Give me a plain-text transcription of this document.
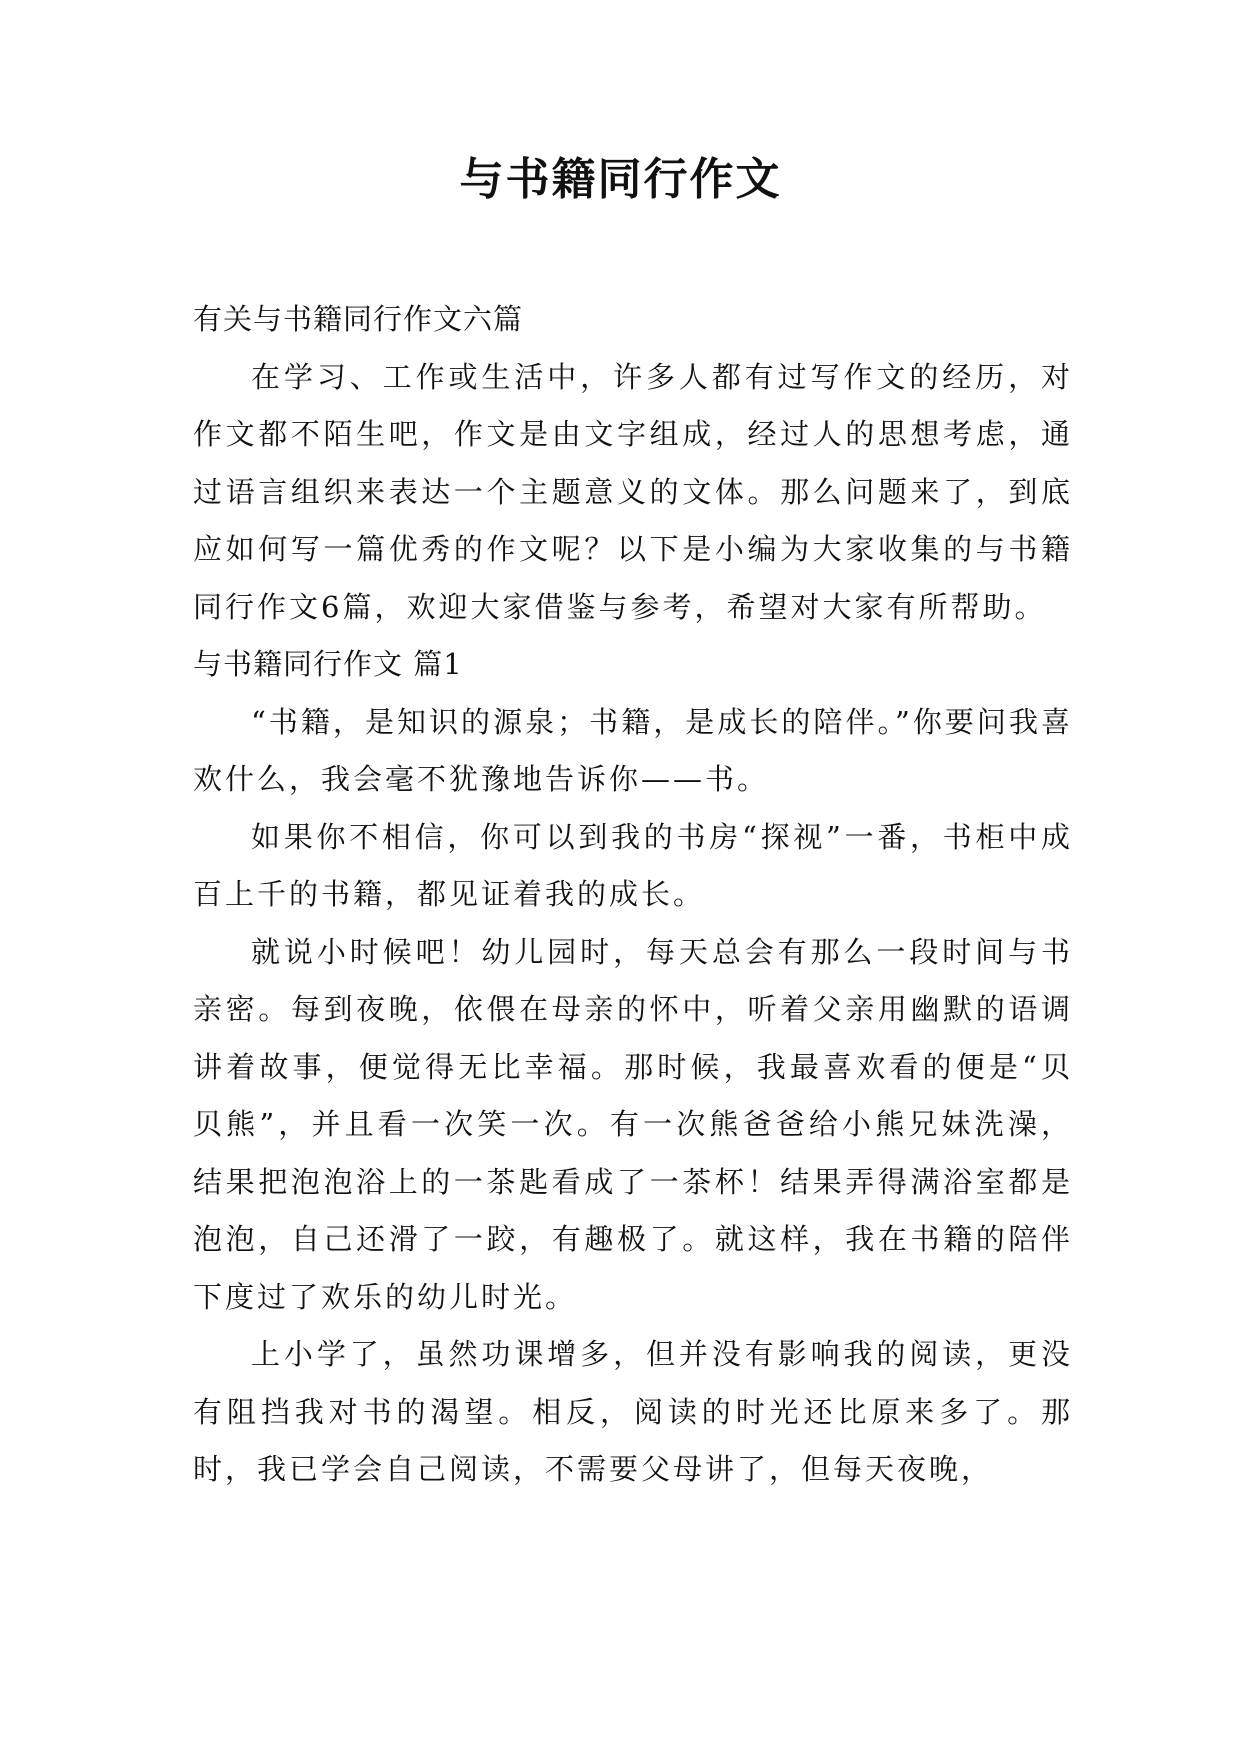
与书籍同行作文

有关与书籍同行作文六篇

在学习、工作或生活中，许多人都有过写作文的经历，对作文都不陌生吧，作文是由文字组成，经过人的思想考虑，通过语言组织来表达一个主题意义的文体。那么问题来了，到底应如何写一篇优秀的作文呢？以下是小编为大家收集的与书籍同行作文6篇，欢迎大家借鉴与参考，希望对大家有所帮助。

与书籍同行作文 篇1

“书籍，是知识的源泉；书籍，是成长的陪伴。”你要问我喜欢什么，我会毫不犹豫地告诉你——书。

如果你不相信，你可以到我的书房“探视”一番，书柜中成百上千的书籍，都见证着我的成长。

就说小时候吧！幼儿园时，每天总会有那么一段时间与书亲密。每到夜晚，依偎在母亲的怀中，听着父亲用幽默的语调讲着故事，便觉得无比幸福。那时候，我最喜欢看的便是“贝贝熊”，并且看一次笑一次。有一次熊爸爸给小熊兄妹洗澡，结果把泡泡浴上的一茶匙看成了一茶杯！结果弄得满浴室都是泡泡，自己还滑了一跤，有趣极了。就这样，我在书籍的陪伴下度过了欢乐的幼儿时光。

上小学了，虽然功课增多，但并没有影响我的阅读，更没有阻挡我对书的渴望。相反，阅读的时光还比原来多了。那时，我已学会自己阅读，不需要父母讲了，但每天夜晚，
